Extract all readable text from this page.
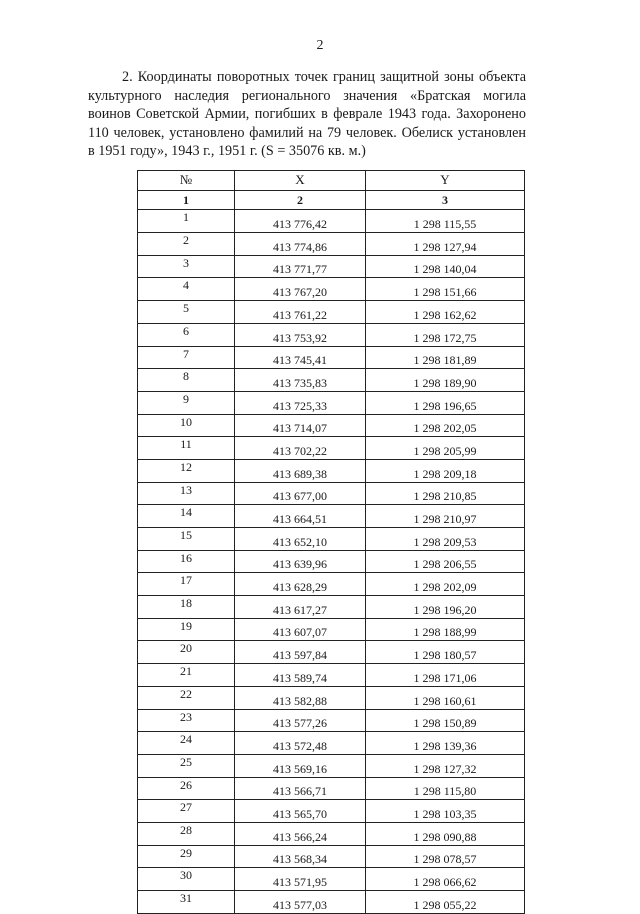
2
2. Координаты поворотных точек границ защитной зоны объекта культурного наследия регионального значения «Братская могила воинов Советской Армии, погибших в феврале 1943 года. Захоронено 110 человек, установлено фамилий на 79 человек. Обелиск установлен в 1951 году», 1943 г., 1951 г. (S = 35076 кв. м.)
№	X	Y
1	2	3
1	413 776,42	1 298 115,55
2	413 774,86	1 298 127,94
3	413 771,77	1 298 140,04
4	413 767,20	1 298 151,66
5	413 761,22	1 298 162,62
6	413 753,92	1 298 172,75
7	413 745,41	1 298 181,89
8	413 735,83	1 298 189,90
9	413 725,33	1 298 196,65
10	413 714,07	1 298 202,05
11	413 702,22	1 298 205,99
12	413 689,38	1 298 209,18
13	413 677,00	1 298 210,85
14	413 664,51	1 298 210,97
15	413 652,10	1 298 209,53
16	413 639,96	1 298 206,55
17	413 628,29	1 298 202,09
18	413 617,27	1 298 196,20
19	413 607,07	1 298 188,99
20	413 597,84	1 298 180,57
21	413 589,74	1 298 171,06
22	413 582,88	1 298 160,61
23	413 577,26	1 298 150,89
24	413 572,48	1 298 139,36
25	413 569,16	1 298 127,32
26	413 566,71	1 298 115,80
27	413 565,70	1 298 103,35
28	413 566,24	1 298 090,88
29	413 568,34	1 298 078,57
30	413 571,95	1 298 066,62
31	413 577,03	1 298 055,22
